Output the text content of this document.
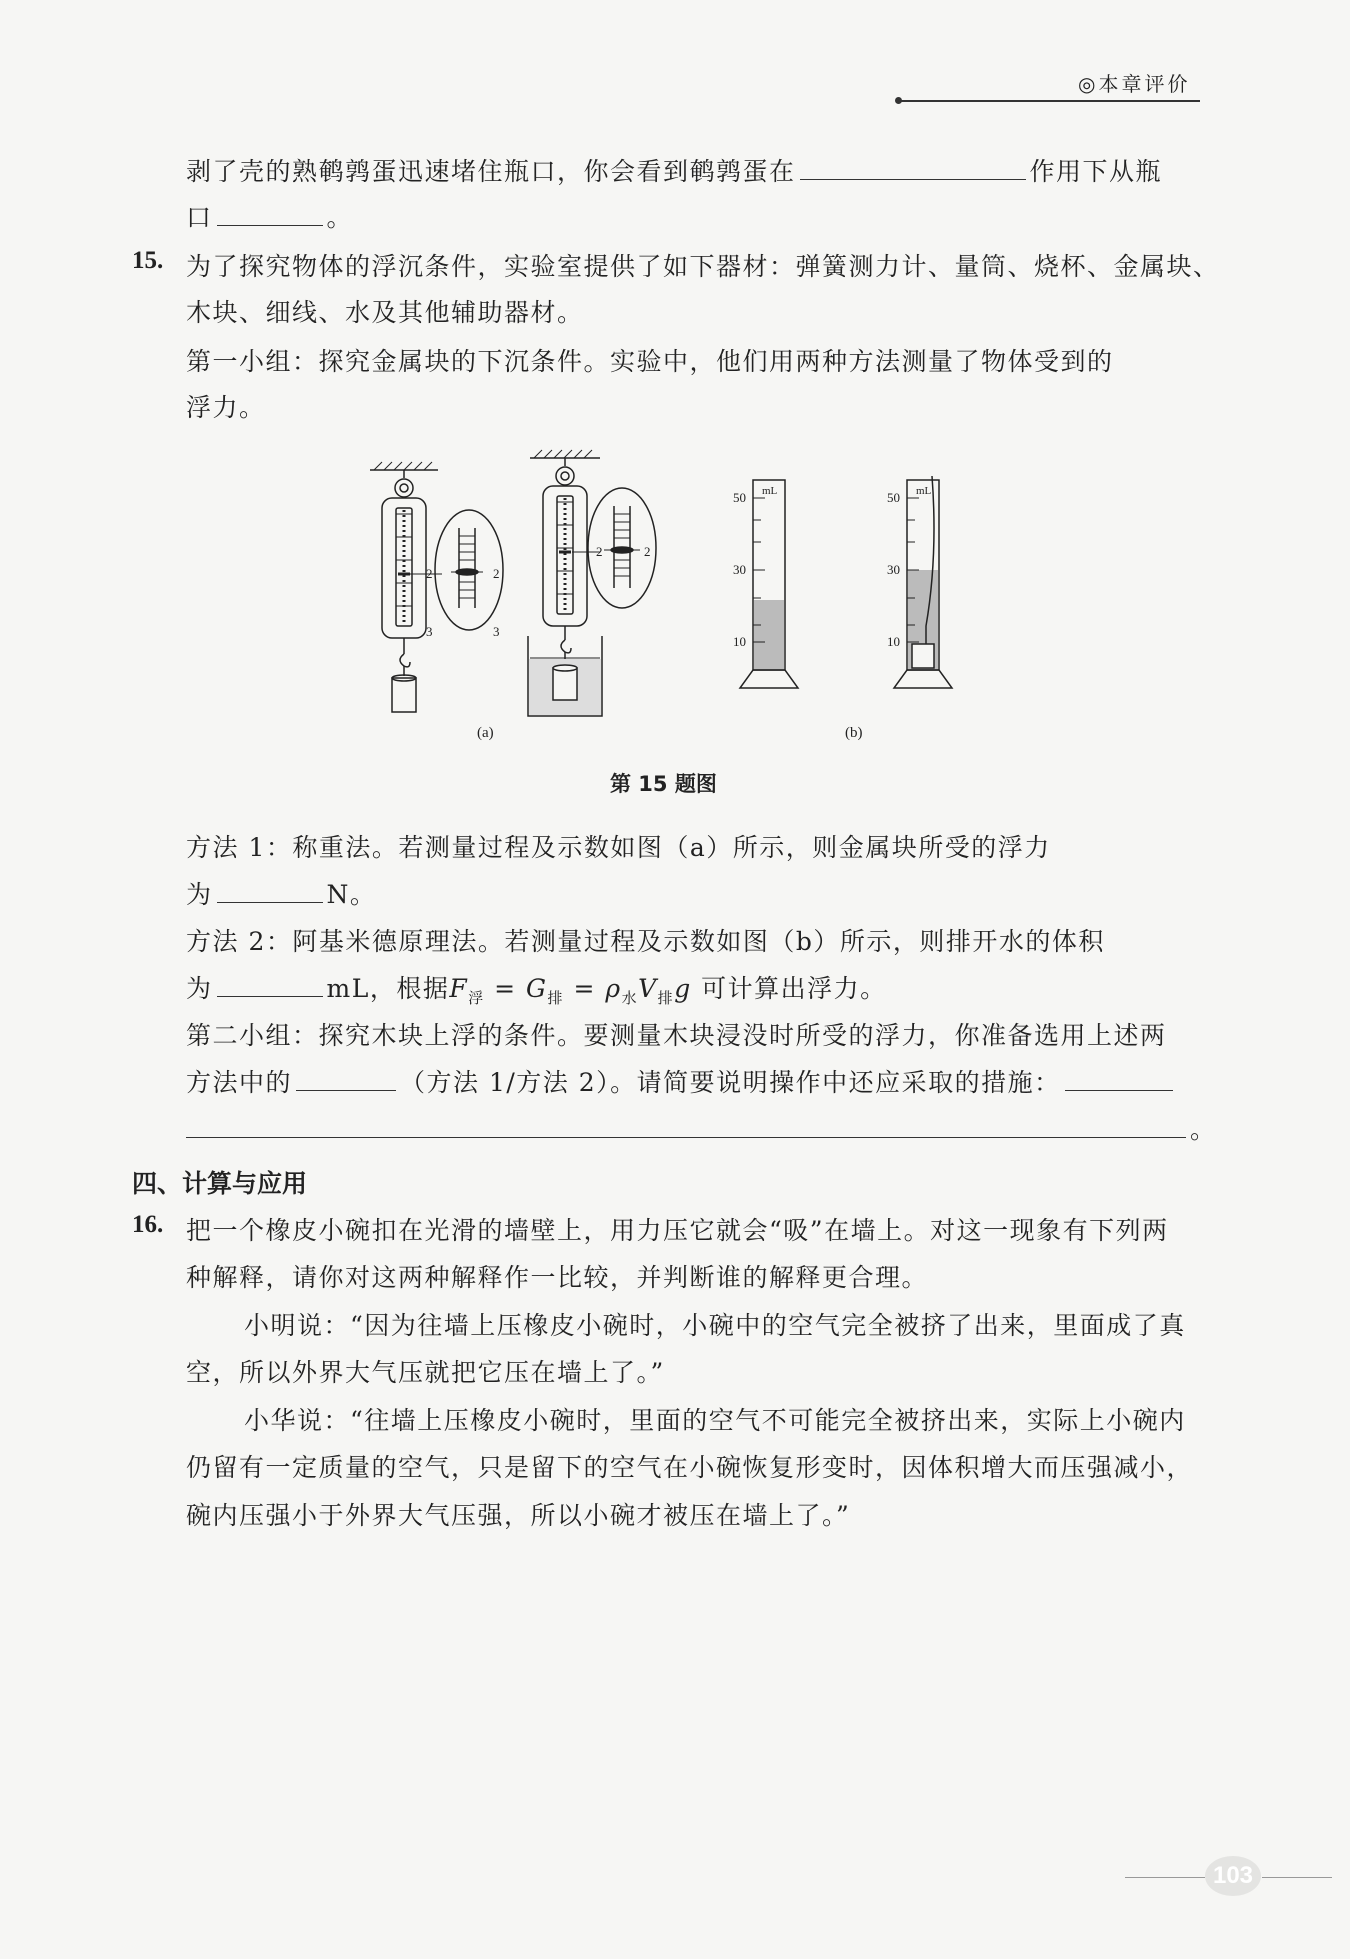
◎本章评价
剥了壳的熟鹌鹑蛋迅速堵住瓶口，你会看到鹌鹑蛋在	作用下从瓶
口	。
15. 为了探究物体的浮沉条件，实验室提供了如下器材：弹簧测力计、量筒、烧杯、金属块、
木块、细线、水及其他辅助器材。
第一小组：探究金属块的下沉条件。实验中，他们用两种方法测量了物体受到的
浮力。
2	2
3	3
2	2
mL
50
30
10
mL
50
30
10
(a)	(b)
第 15 题图
方法 1：称重法。若测量过程及示数如图（a）所示，则金属块所受的浮力
为	N。
方法 2：阿基米德原理法。若测量过程及示数如图（b）所示，则排开水的体积
为	mL，根据$F_浮 = G_排 = \rho_水V_排g$ 可计算出浮力。
第二小组：探究木块上浮的条件。要测量木块浸没时所受的浮力，你准备选用上述两
方法中的	（方法 1/方法 2）。请简要说明操作中还应采取的措施：
。
四、计算与应用
16. 把一个橡皮小碗扣在光滑的墙壁上，用力压它就会“吸”在墙上。对这一现象有下列两
种解释，请你对这两种解释作一比较，并判断谁的解释更合理。
小明说：“因为往墙上压橡皮小碗时，小碗中的空气完全被挤了出来，里面成了真
空，所以外界大气压就把它压在墙上了。”
小华说：“往墙上压橡皮小碗时，里面的空气不可能完全被挤出来，实际上小碗内
仍留有一定质量的空气，只是留下的空气在小碗恢复形变时，因体积增大而压强减小，
碗内压强小于外界大气压强，所以小碗才被压在墙上了。”
103
